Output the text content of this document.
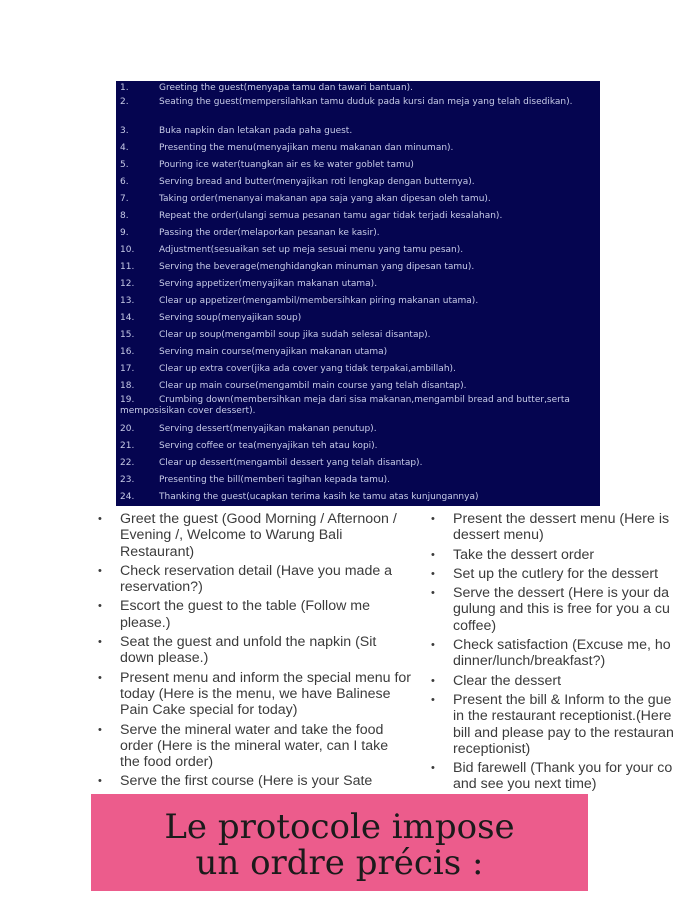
1.	Greeting the guest(menyapa tamu dan tawari bantuan).
2.	Seating the guest(mempersilahkan tamu duduk pada kursi dan meja yang telah disedikan).
3.	Buka napkin dan letakan pada paha guest.
4.	Presenting the menu(menyajikan menu makanan dan minuman).
5.	Pouring ice water(tuangkan air es ke water goblet tamu)
6.	Serving bread and butter(menyajikan roti lengkap dengan butternya).
7.	Taking order(menanyai makanan apa saja yang akan dipesan oleh tamu).
8.	Repeat the order(ulangi semua pesanan tamu agar tidak terjadi kesalahan).
9.	Passing the order(melaporkan pesanan ke kasir).
10.	Adjustment(sesuaikan set up meja sesuai menu yang tamu pesan).
11.	Serving the beverage(menghidangkan minuman yang dipesan tamu).
12.	Serving appetizer(menyajikan makanan utama).
13.	Clear up appetizer(mengambil/membersihkan piring makanan utama).
14.	Serving soup(menyajikan soup)
15.	Clear up soup(mengambil soup jika sudah selesai disantap).
16.	Serving main course(menyajikan makanan utama)
17.	Clear up extra cover(jika ada cover yang tidak terpakai,ambillah).
18.	Clear up main course(mengambil main course yang telah disantap).
19.	Crumbing down(membersihkan meja dari sisa makanan,mengambil bread and butter,serta memposisikan cover dessert).
20.	Serving dessert(menyajikan makanan penutup).
21.	Serving coffee or tea(menyajikan teh atau kopi).
22.	Clear up dessert(mengambil dessert yang telah disantap).
23.	Presenting the bill(memberi tagihan kepada tamu).
24.	Thanking the guest(ucapkan terima kasih ke tamu atas kunjungannya)
• Greet the guest (Good Morning / Afternoon / Evening /, Welcome to Warung Bali Restaurant)
• Check reservation detail (Have you made a reservation?)
• Escort the guest to the table (Follow me please.)
• Seat the guest and unfold the napkin (Sit down please.)
• Present menu and inform the special menu for today (Here is the menu, we have Balinese Pain Cake special for today)
• Serve the mineral water and take the food order (Here is the mineral water, can I take the food order)
• Serve the first course (Here is your Sate
• Present the dessert menu (Here is
dessert menu)
• Take the dessert order
• Set up the cutlery for the dessert
• Serve the dessert (Here is your da
gulung and this is free for you a cu
coffee)
• Check satisfaction (Excuse me, ho
dinner/lunch/breakfast?)
• Clear the dessert
• Present the bill & Inform to the gue
in the restaurant receptionist.(Here
bill and please pay to the restauran
receptionist)
• Bid farewell (Thank you for your co
and see you next time)
Le protocole impose
un ordre précis :
